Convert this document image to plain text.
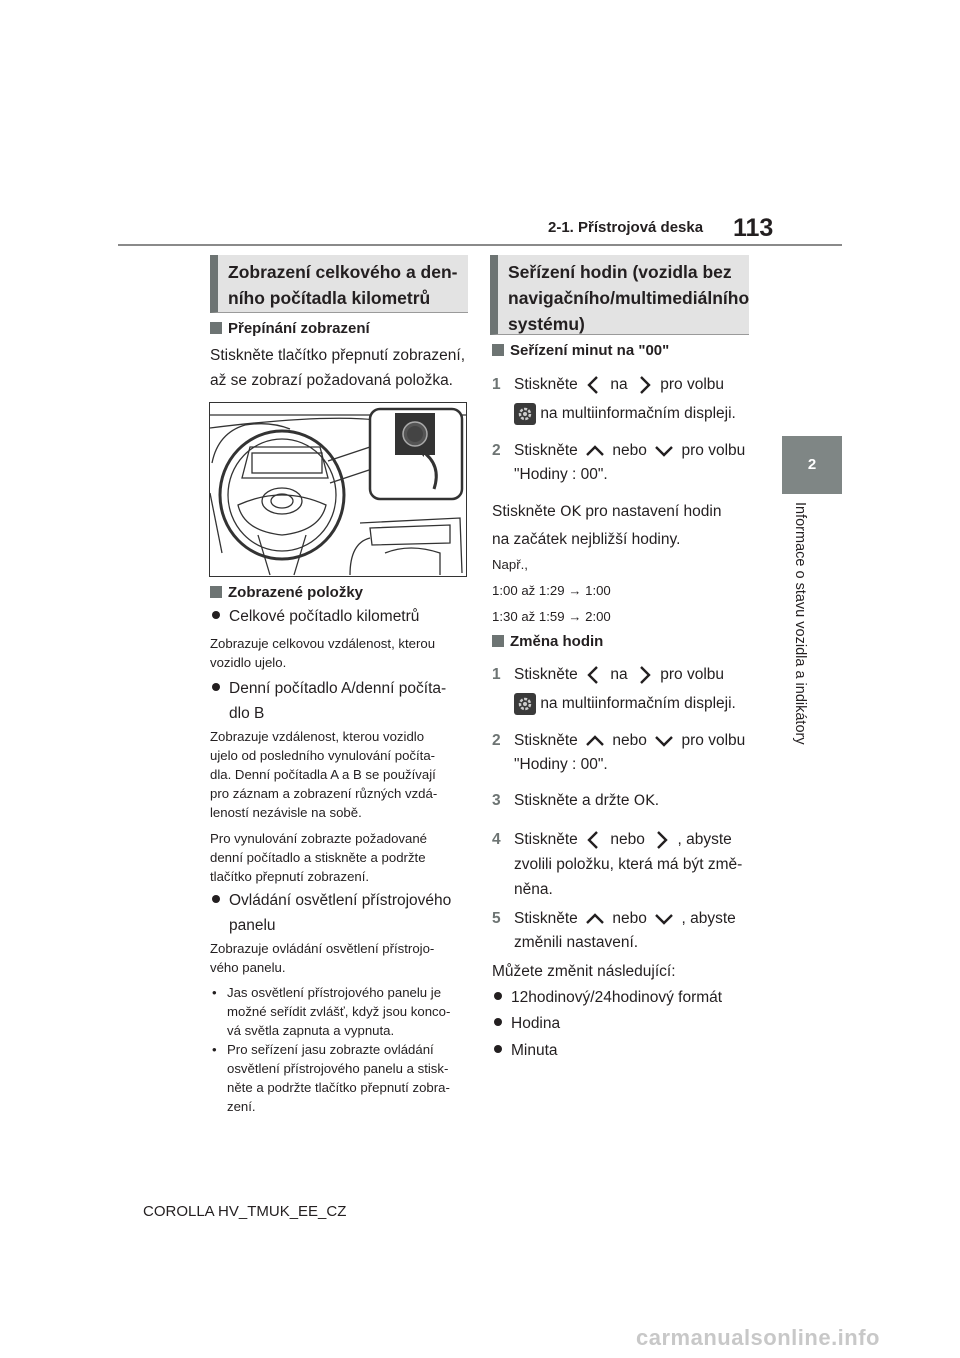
2-1. Přístrojová deska 113
2
Informace o stavu vozidla a indikátory
Zobrazení celkového a den-
ního počítadla kilometrů
Přepínání zobrazení
Stiskněte tlačítko přepnutí zobrazení,
až se zobrazí požadovaná položka.
Zobrazené položky
Celkové počítadlo kilometrů
Zobrazuje celkovou vzdálenost, kterou
vozidlo ujelo.
Denní počítadlo A/denní počíta-
dlo B
Zobrazuje vzdálenost, kterou vozidlo
ujelo od posledního vynulování počíta-
dla. Denní počítadla A a B se používají
pro záznam a zobrazení různých vzdá-
leností nezávisle na sobě.
Pro vynulování zobrazte požadované
denní počítadlo a stiskněte a podržte
tlačítko přepnutí zobrazení.
Ovládání osvětlení přístrojového
panelu
Zobrazuje ovládání osvětlení přístrojo-
vého panelu.
• Jas osvětlení přístrojového panelu je
možné seřídit zvlášť, když jsou konco-
vá světla zapnuta a vypnuta.
• Pro seřízení jasu zobrazte ovládání
osvětlení přístrojového panelu a stisk-
něte a podržte tlačítko přepnutí zobra-
zení.
Seřízení hodin (vozidla bez
navigačního/multimediálního
systému)
Seřízení minut na "00"
1 Stiskněte na pro volbu
na multiinformačním displeji.
2 Stiskněte nebo pro volbu
"Hodiny : 00".
Stiskněte OK pro nastavení hodin
na začátek nejbližší hodiny.
Např.,
1:00 až 1:29 → 1:00
1:30 až 1:59 → 2:00
Změna hodin
1 Stiskněte na pro volbu
na multiinformačním displeji.
2 Stiskněte nebo pro volbu
"Hodiny : 00".
3 Stiskněte a držte OK.
4 Stiskněte nebo , abyste
zvolili položku, která má být změ-
něna.
5 Stiskněte nebo , abyste
změnili nastavení.
Můžete změnit následující:
12hodinový/24hodinový formát
Hodina
Minuta
COROLLA HV_TMUK_EE_CZ
carmanualsonline.info
